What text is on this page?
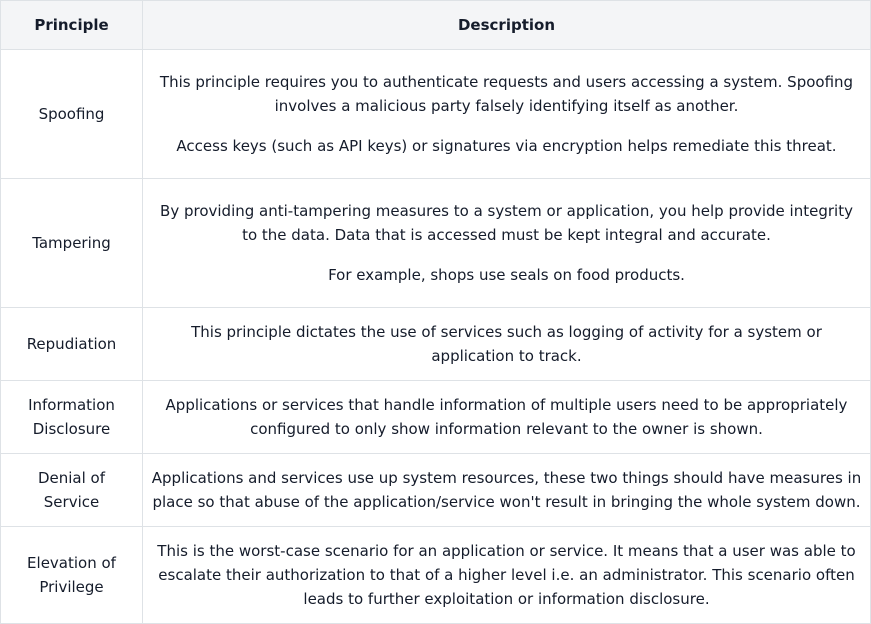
Principle	Description
Spoofing	This principle requires you to authenticate requests and users accessing a system. Spoofing involves a malicious party falsely identifying itself as another.

Access keys (such as API keys) or signatures via encryption helps remediate this threat.

Tampering	By providing anti-tampering measures to a system or application, you help provide integrity to the data. Data that is accessed must be kept integral and accurate.

For example, shops use seals on food products.

Repudiation	This principle dictates the use of services such as logging of activity for a system or application to track.

Information Disclosure	Applications or services that handle information of multiple users need to be appropriately configured to only show information relevant to the owner is shown.

Denial of Service	Applications and services use up system resources, these two things should have measures in place so that abuse of the application/service won't result in bringing the whole system down.

Elevation of Privilege	This is the worst-case scenario for an application or service. It means that a user was able to escalate their authorization to that of a higher level i.e. an administrator. This scenario often leads to further exploitation or information disclosure.
